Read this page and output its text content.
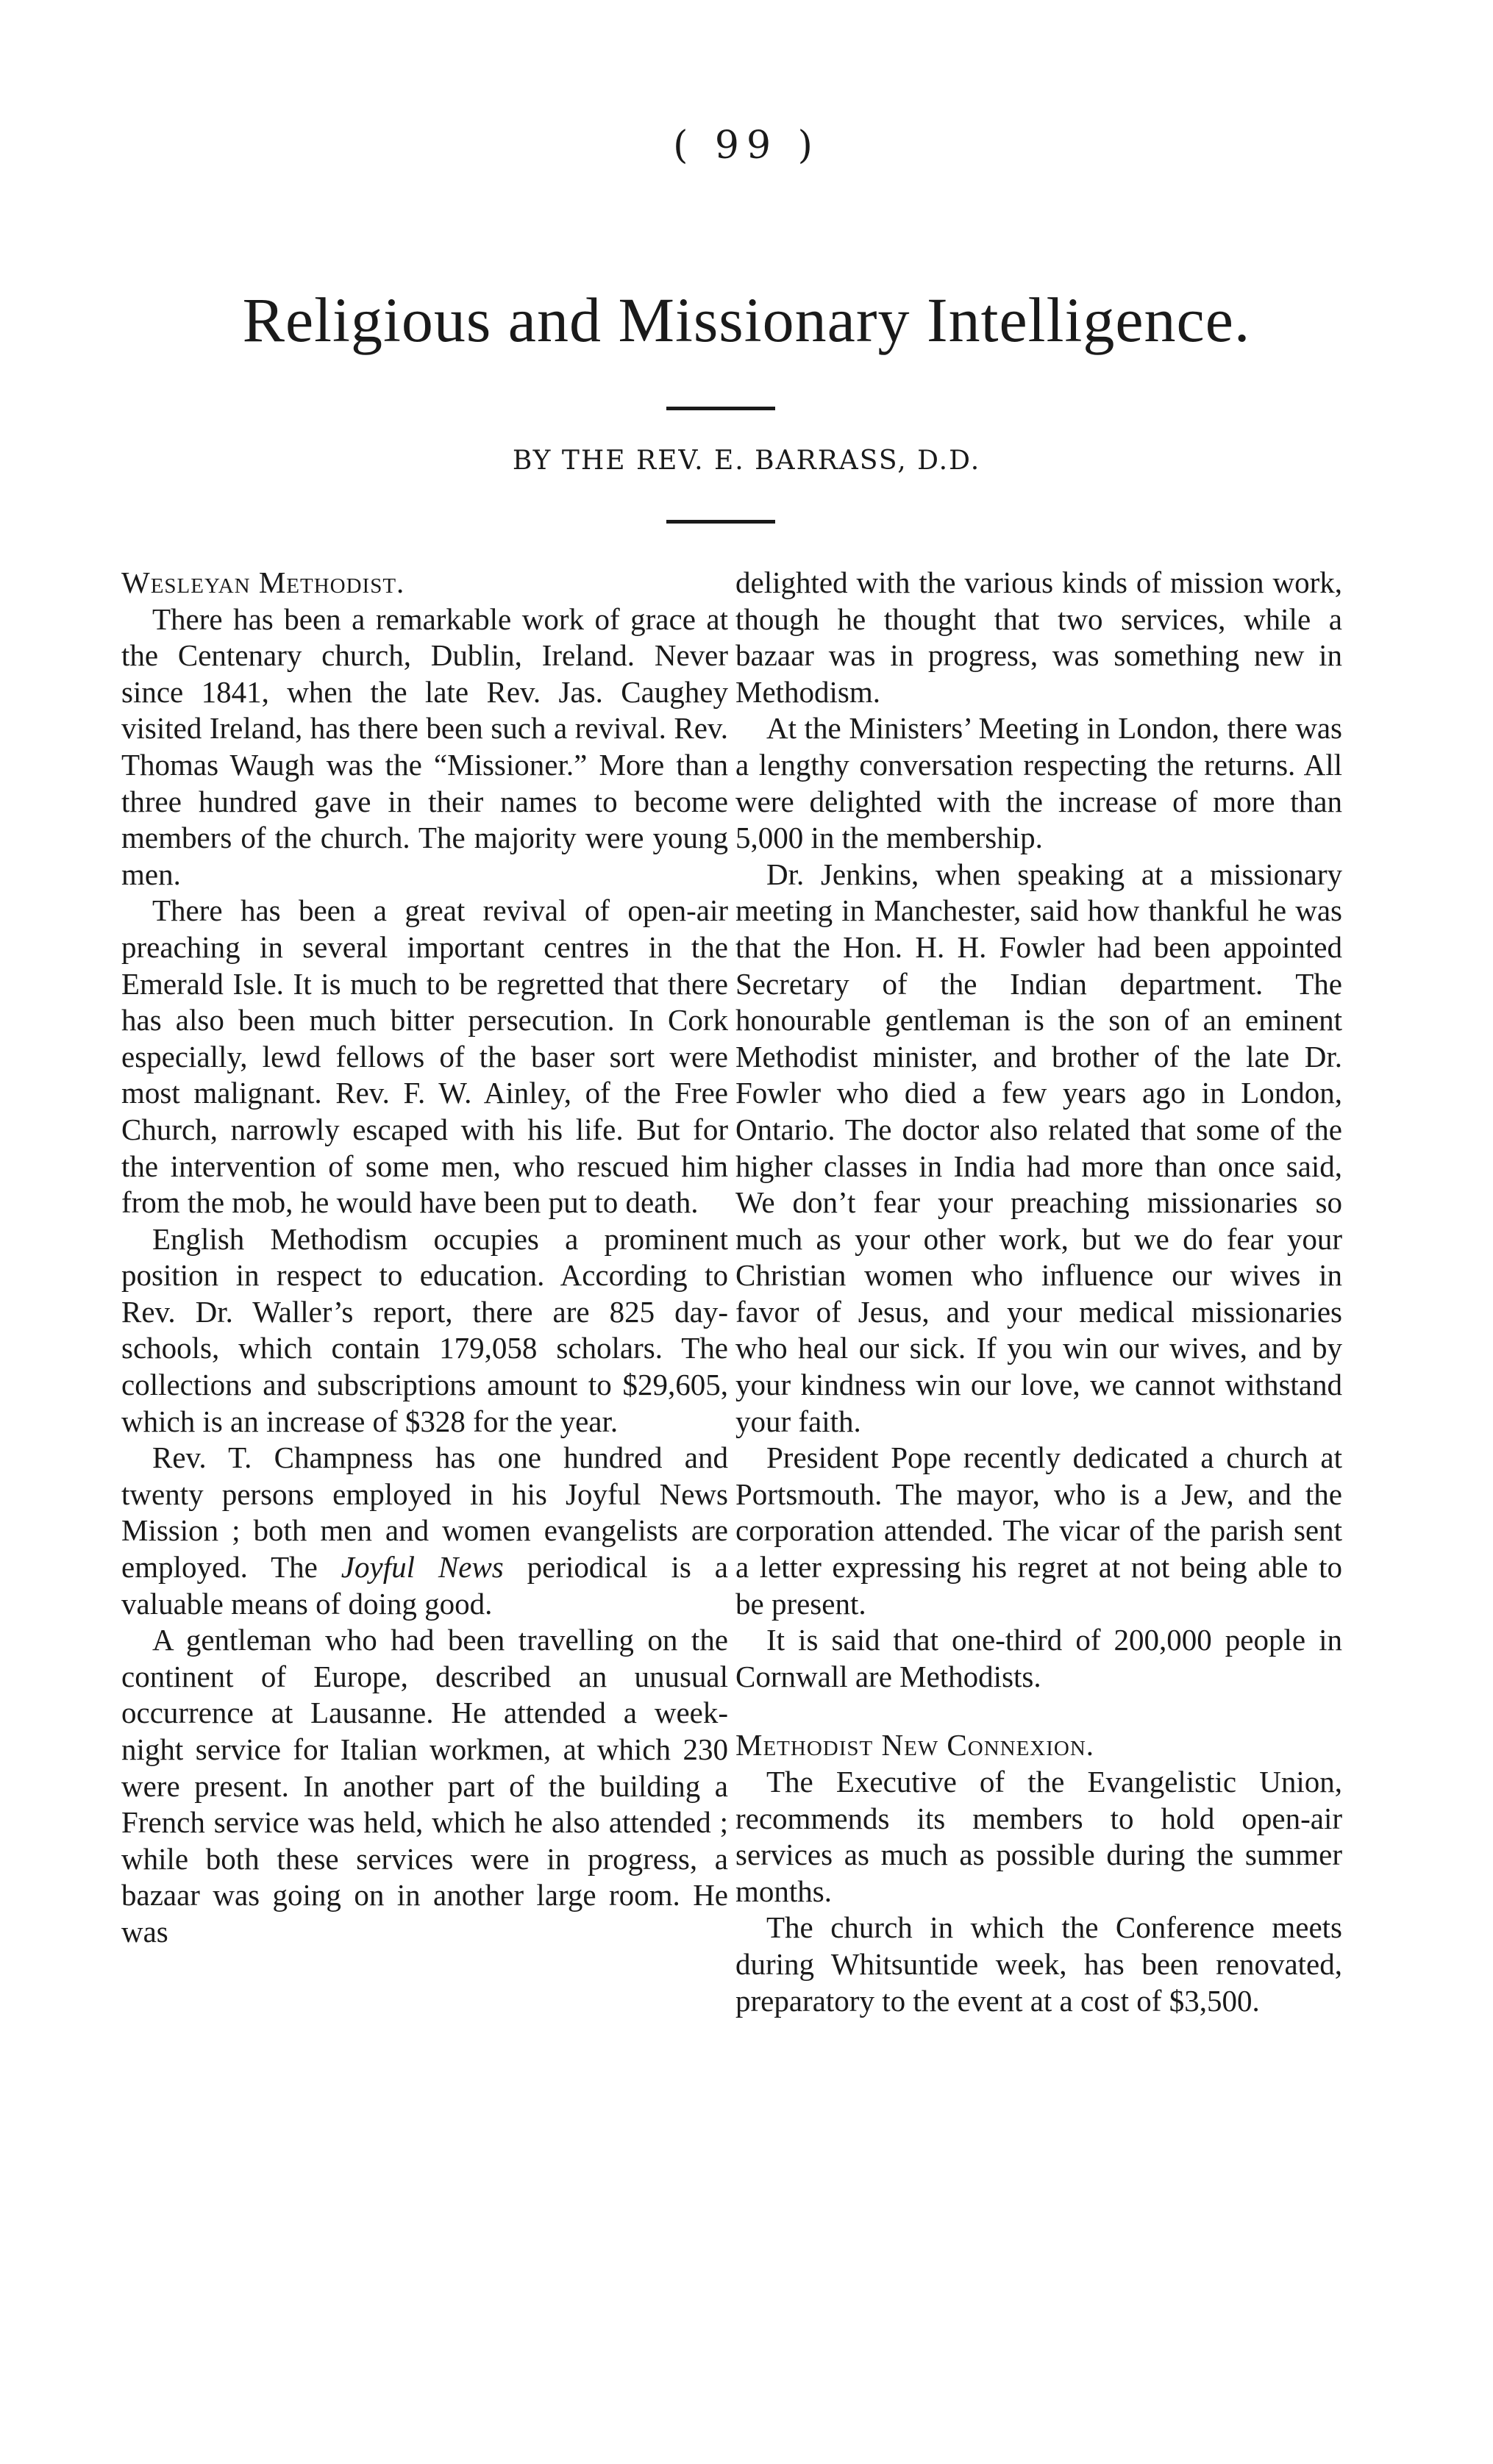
( 99 )
Religious and Missionary Intelligence.
BY THE REV. E. BARRASS, D.D.

Wesleyan Methodist.

There has been a remarkable work of grace at the Centenary church, Dublin, Ireland. Never since 1841, when the late Rev. Jas. Caughey visited Ireland, has there been such a revival. Rev. Thomas Waugh was the “Missioner.” More than three hundred gave in their names to become members of the church. The majority were young men.

There has been a great revival of open-air preaching in several important centres in the Emerald Isle. It is much to be regretted that there has also been much bitter persecution. In Cork especially, lewd fellows of the baser sort were most malignant. Rev. F. W. Ainley, of the Free Church, narrowly escaped with his life. But for the intervention of some men, who rescued him from the mob, he would have been put to death.

English Methodism occupies a prominent position in respect to education. According to Rev. Dr. Waller’s report, there are 825 day-schools, which contain 179,058 scholars. The collections and subscriptions amount to $29,605, which is an increase of $328 for the year.

Rev. T. Champness has one hundred and twenty persons employed in his Joyful News Mission ; both men and women evangelists are employed. The Joyful News periodical is a valuable means of doing good.

A gentleman who had been travelling on the continent of Europe, described an unusual occurrence at Lausanne. He attended a week-night service for Italian workmen, at which 230 were present. In another part of the building a French service was held, which he also attended ; while both these services were in progress, a bazaar was going on in another large room. He was

delighted with the various kinds of mission work, though he thought that two services, while a bazaar was in progress, was something new in Methodism.

At the Ministers’ Meeting in London, there was a lengthy conversation respecting the returns. All were delighted with the increase of more than 5,000 in the membership.

Dr. Jenkins, when speaking at a missionary meeting in Manchester, said how thankful he was that the Hon. H. H. Fowler had been appointed Secretary of the Indian department. The honourable gentleman is the son of an eminent Methodist minister, and brother of the late Dr. Fowler who died a few years ago in London, Ontario. The doctor also related that some of the higher classes in India had more than once said, We don’t fear your preaching missionaries so much as your other work, but we do fear your Christian women who influence our wives in favor of Jesus, and your medical missionaries who heal our sick. If you win our wives, and by your kindness win our love, we cannot withstand your faith.

President Pope recently dedicated a church at Portsmouth. The mayor, who is a Jew, and the corporation attended. The vicar of the parish sent a letter expressing his regret at not being able to be present.

It is said that one-third of 200,000 people in Cornwall are Methodists.

Methodist New Connexion.

The Executive of the Evangelistic Union, recommends its members to hold open-air services as much as possible during the summer months.

The church in which the Conference meets during Whitsuntide week, has been renovated, preparatory to the event at a cost of $3,500.
